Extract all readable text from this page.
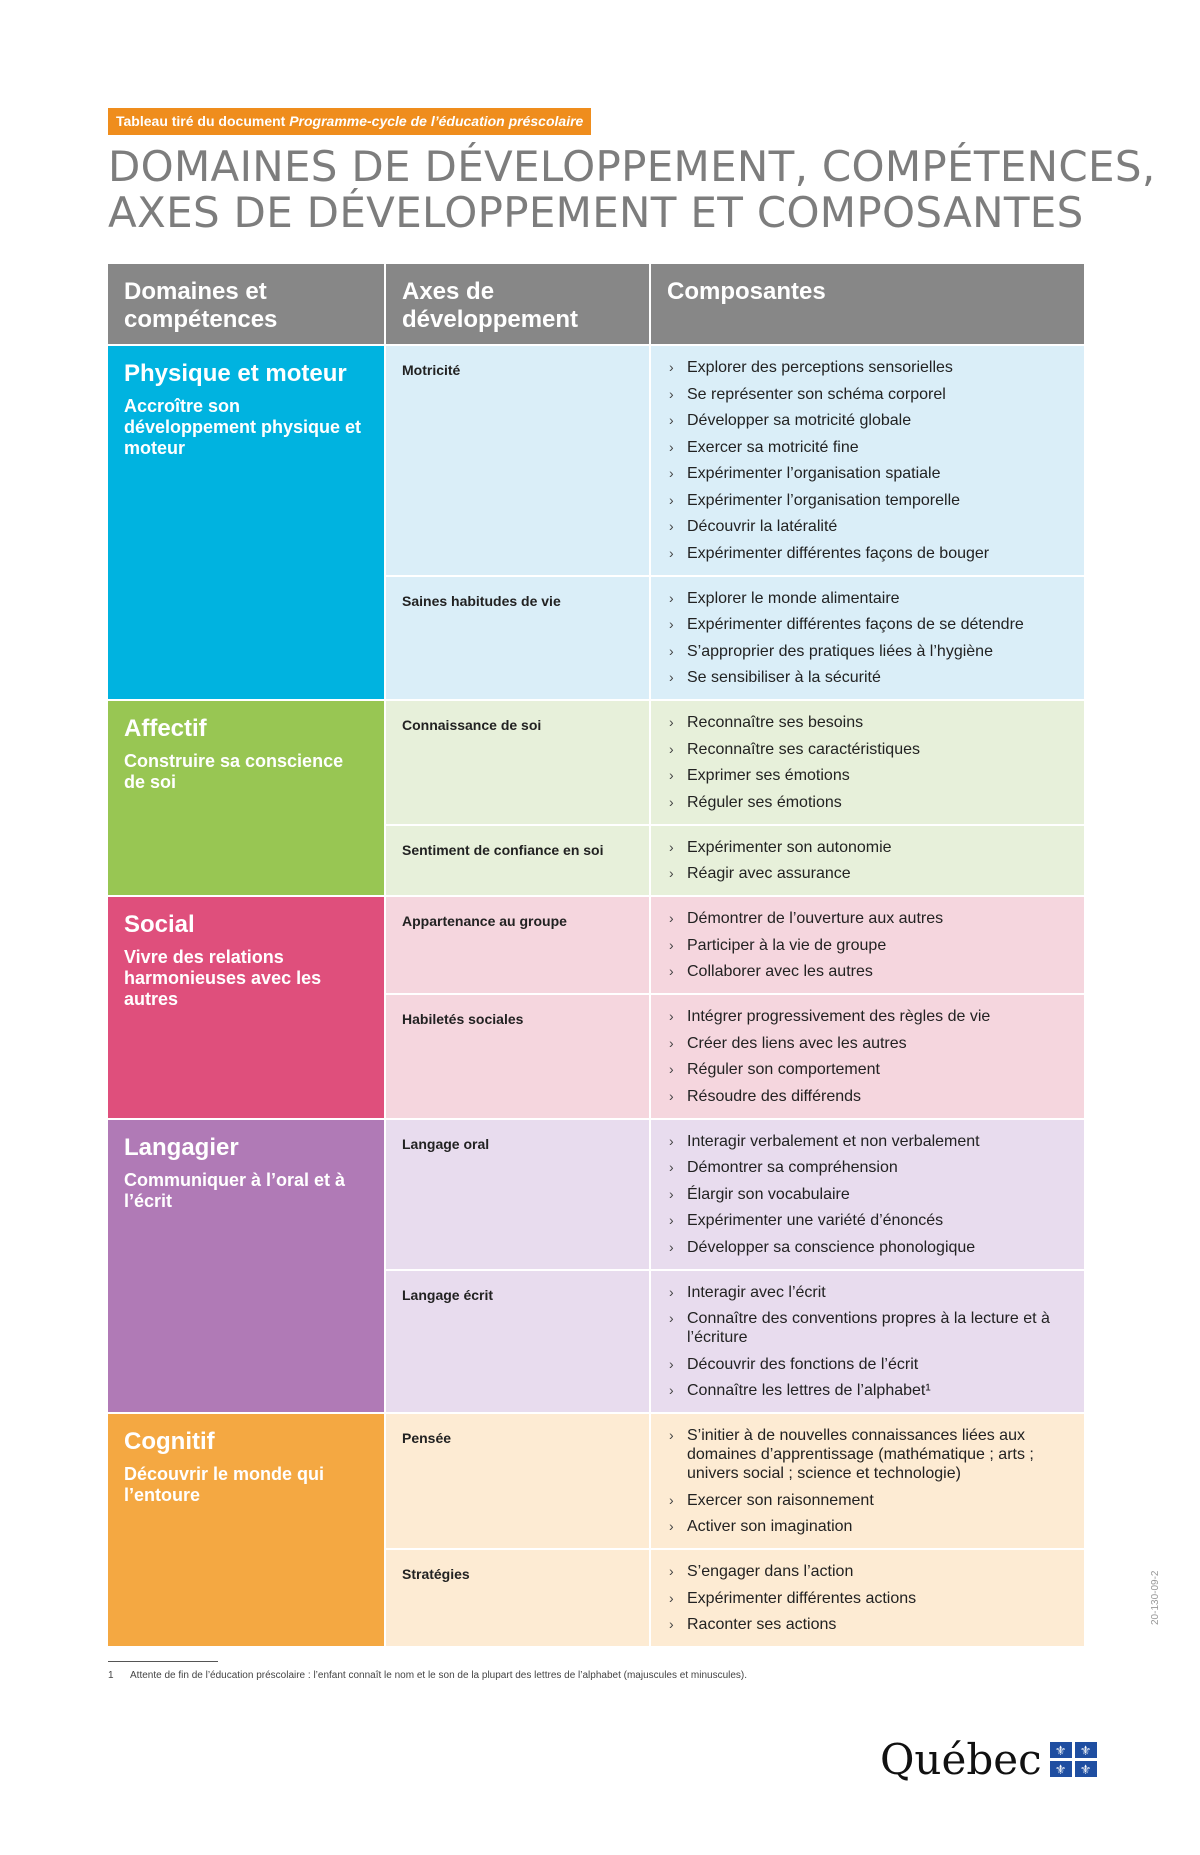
Tableau tiré du document Programme-cycle de l’éducation préscolaire
DOMAINES DE DÉVELOPPEMENT, COMPÉTENCES,
AXES DE DÉVELOPPEMENT ET COMPOSANTES
Domaines et compétences
Axes de développement
Composantes
Physique et moteur
Accroître son développement physique et moteur
Motricité	› Explorer des perceptions sensorielles
› Se représenter son schéma corporel
› Développer sa motricité globale
› Exercer sa motricité fine
› Expérimenter l’organisation spatiale
› Expérimenter l’organisation temporelle
› Découvrir la latéralité
› Expérimenter différentes façons de bouger
Saines habitudes de vie	› Explorer le monde alimentaire
› Expérimenter différentes façons de se détendre
› S’approprier des pratiques liées à l’hygiène
› Se sensibiliser à la sécurité
Affectif
Construire sa conscience de soi
Connaissance de soi	› Reconnaître ses besoins
› Reconnaître ses caractéristiques
› Exprimer ses émotions
› Réguler ses émotions
Sentiment de confiance en soi	› Expérimenter son autonomie
› Réagir avec assurance
Social
Vivre des relations harmonieuses avec les autres
Appartenance au groupe	› Démontrer de l’ouverture aux autres
› Participer à la vie de groupe
› Collaborer avec les autres
Habiletés sociales	› Intégrer progressivement des règles de vie
› Créer des liens avec les autres
› Réguler son comportement
› Résoudre des différends
Langagier
Communiquer à l’oral et à l’écrit
Langage oral	› Interagir verbalement et non verbalement
› Démontrer sa compréhension
› Élargir son vocabulaire
› Expérimenter une variété d’énoncés
› Développer sa conscience phonologique
Langage écrit	› Interagir avec l’écrit
› Connaître des conventions propres à la lecture et à l’écriture
› Découvrir des fonctions de l’écrit
› Connaître les lettres de l’alphabet¹
Cognitif
Découvrir le monde qui l’entoure
Pensée	› S’initier à de nouvelles connaissances liées aux domaines d’apprentissage (mathématique ; arts ; univers social ; science et technologie)
› Exercer son raisonnement
› Activer son imagination
Stratégies	› S’engager dans l’action
› Expérimenter différentes actions
› Raconter ses actions
1 Attente de fin de l’éducation préscolaire : l’enfant connaît le nom et le son de la plupart des lettres de l’alphabet (majuscules et minuscules).
20-130-09-2
Québec	⚜	⚜
⚜	⚜
